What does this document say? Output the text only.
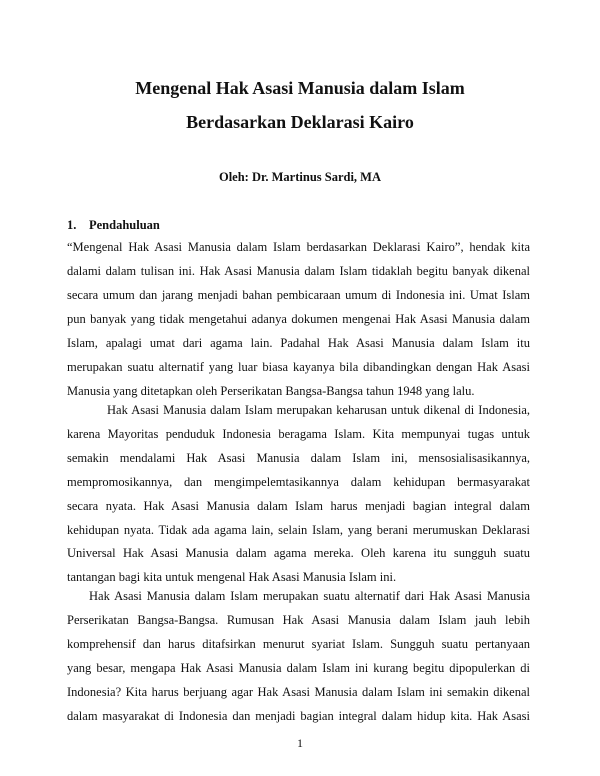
Mengenal Hak Asasi Manusia dalam Islam
Berdasarkan Deklarasi Kairo
Oleh: Dr. Martinus Sardi, MA
1. Pendahuluan
“Mengenal Hak Asasi Manusia dalam Islam berdasarkan Deklarasi Kairo”, hendak kita
dalami dalam tulisan ini. Hak Asasi Manusia dalam Islam tidaklah begitu banyak dikenal
secara umum dan jarang menjadi bahan pembicaraan umum di Indonesia ini. Umat Islam
pun banyak yang tidak mengetahui adanya dokumen mengenai Hak Asasi Manusia dalam
Islam, apalagi umat dari agama lain. Padahal Hak Asasi Manusia dalam Islam itu
merupakan suatu alternatif yang luar biasa kayanya bila dibandingkan dengan Hak Asasi
Manusia yang ditetapkan oleh Perserikatan Bangsa-Bangsa tahun 1948 yang lalu.
Hak Asasi Manusia dalam Islam merupakan keharusan untuk dikenal di Indonesia,
karena Mayoritas penduduk Indonesia beragama Islam. Kita mempunyai tugas untuk
semakin mendalami Hak Asasi Manusia dalam Islam ini, mensosialisasikannya,
mempromosikannya, dan mengimpelemtasikannya dalam kehidupan bermasyarakat
secara nyata. Hak Asasi Manusia dalam Islam harus menjadi bagian integral dalam
kehidupan nyata. Tidak ada agama lain, selain Islam, yang berani merumuskan Deklarasi
Universal Hak Asasi Manusia dalam agama mereka. Oleh karena itu sungguh suatu
tantangan bagi kita untuk mengenal Hak Asasi Manusia Islam ini.
Hak Asasi Manusia dalam Islam merupakan suatu alternatif dari Hak Asasi Manusia
Perserikatan Bangsa-Bangsa. Rumusan Hak Asasi Manusia dalam Islam jauh lebih
komprehensif dan harus ditafsirkan menurut syariat Islam. Sungguh suatu pertanyaan
yang besar, mengapa Hak Asasi Manusia dalam Islam ini kurang begitu dipopulerkan di
Indonesia? Kita harus berjuang agar Hak Asasi Manusia dalam Islam ini semakin dikenal
dalam masyarakat di Indonesia dan menjadi bagian integral dalam hidup kita. Hak Asasi
1
